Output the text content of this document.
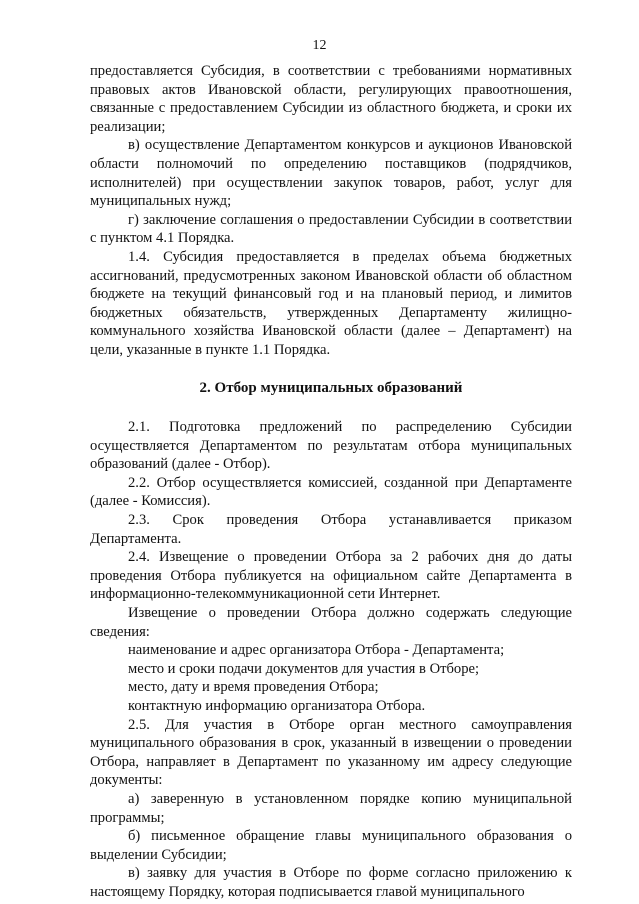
12

предоставляется Субсидия, в соответствии с требованиями нормативных правовых актов Ивановской области, регулирующих правоотношения, связанные с предоставлением Субсидии из областного бюджета, и сроки их реализации;

в) осуществление Департаментом конкурсов и аукционов Ивановской области полномочий по определению поставщиков (подрядчиков, исполнителей) при осуществлении закупок товаров, работ, услуг для муниципальных нужд;

г) заключение соглашения о предоставлении Субсидии в соответствии с пунктом 4.1 Порядка.

1.4. Субсидия предоставляется в пределах объема бюджетных ассигнований, предусмотренных законом Ивановской области об областном бюджете на текущий финансовый год и на плановый период, и лимитов бюджетных обязательств, утвержденных Департаменту жилищно-коммунального хозяйства Ивановской области (далее – Департамент) на цели, указанные в пункте 1.1 Порядка.

2. Отбор муниципальных образований

2.1. Подготовка предложений по распределению Субсидии осуществляется Департаментом по результатам отбора муниципальных образований (далее - Отбор).

2.2. Отбор осуществляется комиссией, созданной при Департаменте (далее - Комиссия).

2.3. Срок проведения Отбора устанавливается приказом Департамента.

2.4. Извещение о проведении Отбора за 2 рабочих дня до даты проведения Отбора публикуется на официальном сайте Департамента в информационно-телекоммуникационной сети Интернет.

Извещение о проведении Отбора должно содержать следующие сведения:

наименование и адрес организатора Отбора - Департамента;

место и сроки подачи документов для участия в Отборе;

место, дату и время проведения Отбора;

контактную информацию организатора Отбора.

2.5. Для участия в Отборе орган местного самоуправления муниципального образования в срок, указанный в извещении о проведении Отбора, направляет в Департамент по указанному им адресу следующие документы:

а) заверенную в установленном порядке копию муниципальной программы;

б) письменное обращение главы муниципального образования о выделении Субсидии;

в) заявку для участия в Отборе по форме согласно приложению к настоящему Порядку, которая подписывается главой муниципального
